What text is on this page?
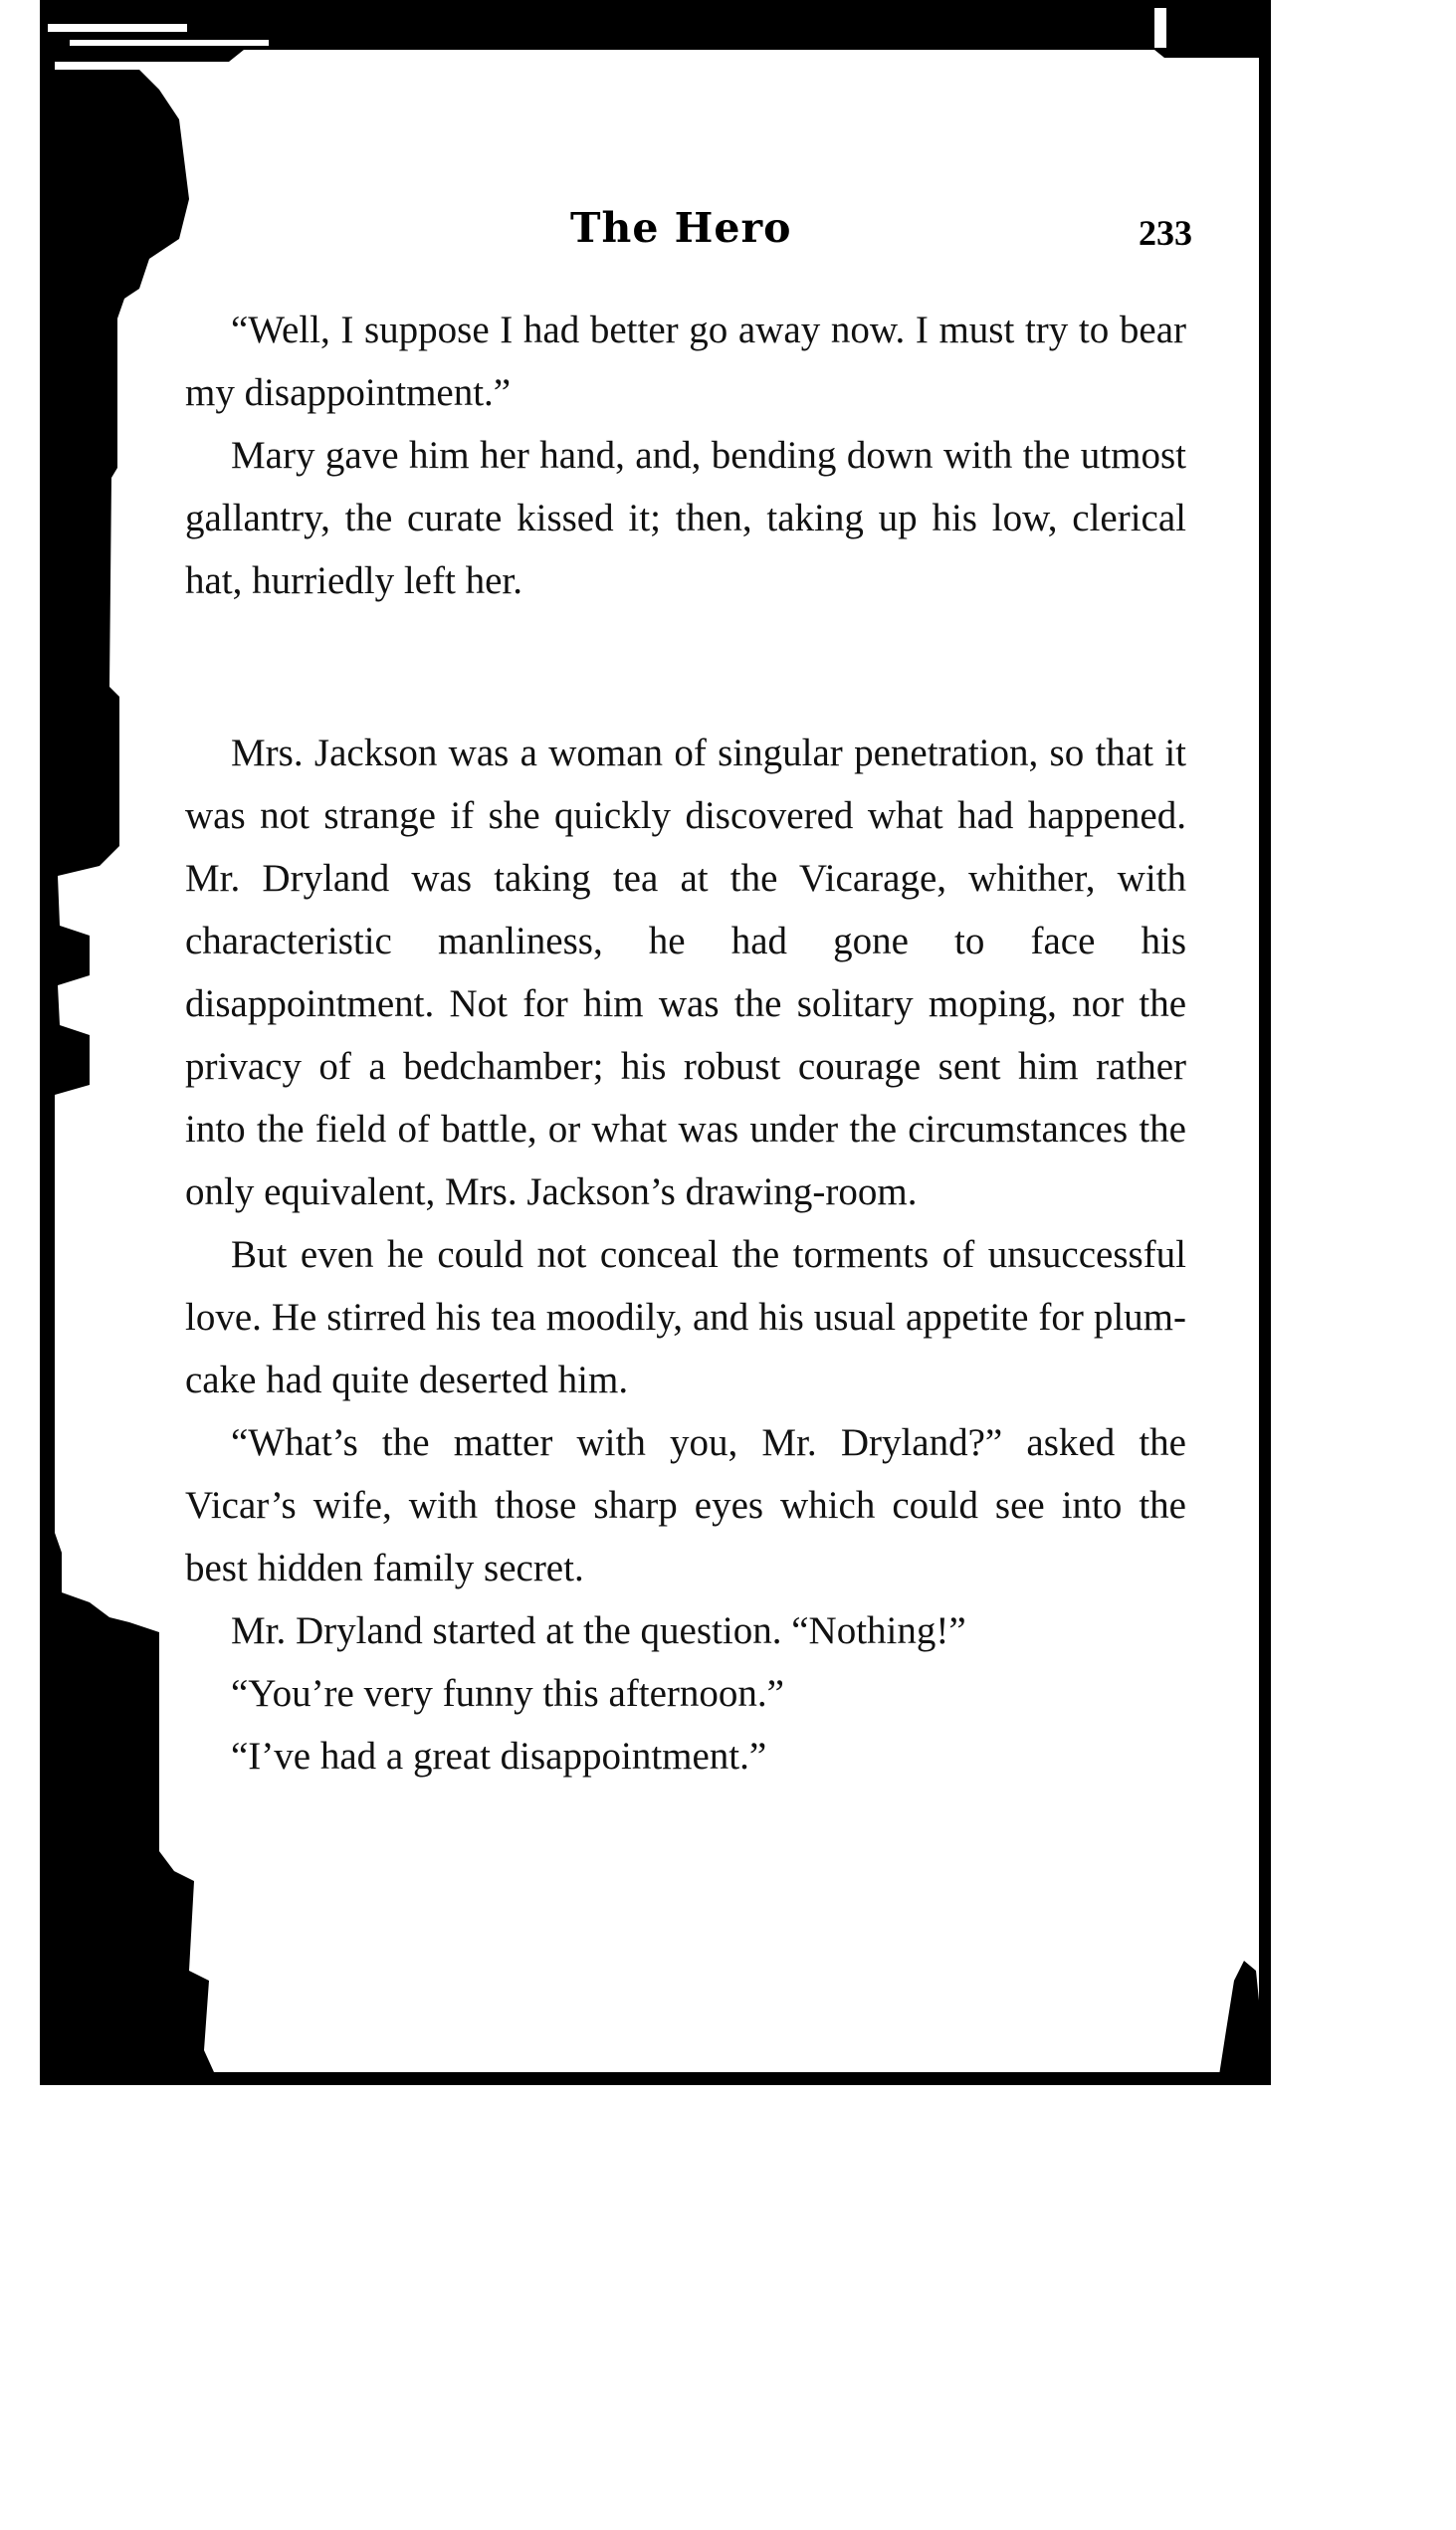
The Hero	233

“Well, I suppose I had better go away now. I must try to bear my disappointment.”

Mary gave him her hand, and, bending down with the utmost gallantry, the curate kissed it; then, taking up his low, clerical hat, hurriedly left her.

Mrs. Jackson was a woman of singular penetration, so that it was not strange if she quickly discovered what had happened. Mr. Dryland was taking tea at the Vicarage, whither, with characteristic manliness, he had gone to face his disappointment. Not for him was the solitary moping, nor the privacy of a bedchamber; his robust courage sent him rather into the field of battle, or what was under the circumstances the only equivalent, Mrs. Jackson’s drawing-room.

But even he could not conceal the torments of unsuccessful love. He stirred his tea moodily, and his usual appetite for plum-cake had quite deserted him.

“What’s the matter with you, Mr. Dryland?” asked the Vicar’s wife, with those sharp eyes which could see into the best hidden family secret.

Mr. Dryland started at the question. “Nothing!”

“You’re very funny this afternoon.”

“I’ve had a great disappointment.”
